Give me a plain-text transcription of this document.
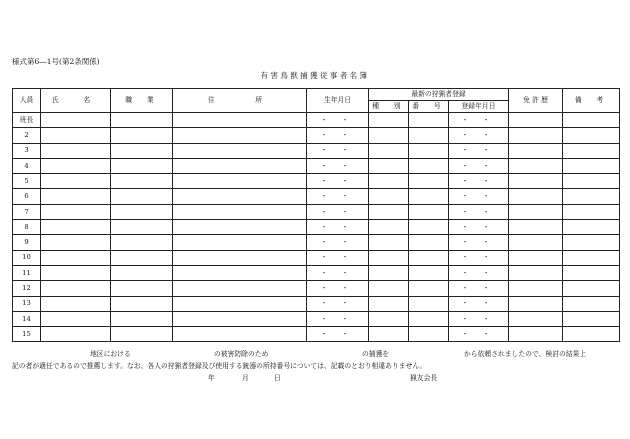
様式第6―1号(第2条関係)
有害鳥獣捕獲従事者名簿
人員	氏　名	職　業	住　　所	生年月日	最新の狩猟者登録			免 許 歴	備　考
					種　別	番　号	登録年月日		
班長				・ ・			・ ・		
2				・ ・			・ ・		
3				・ ・			・ ・		
4				・ ・			・ ・		
5				・ ・			・ ・		
6				・ ・			・ ・		
7				・ ・			・ ・		
8				・ ・			・ ・		
9				・ ・			・ ・		
10				・ ・			・ ・		
11				・ ・			・ ・		
12				・ ・			・ ・		
13				・ ・			・ ・		
14				・ ・			・ ・		
15				・ ・			・ ・		
地区における	の被害防除のため	の捕獲を	から依頼されましたので、検討の結果上
記の者が適任であるので推薦します。なお、各人の狩猟者登録及び使用する銃器の所持番号については、記載のとおり相違ありません。
年	月	日	猟友会長
